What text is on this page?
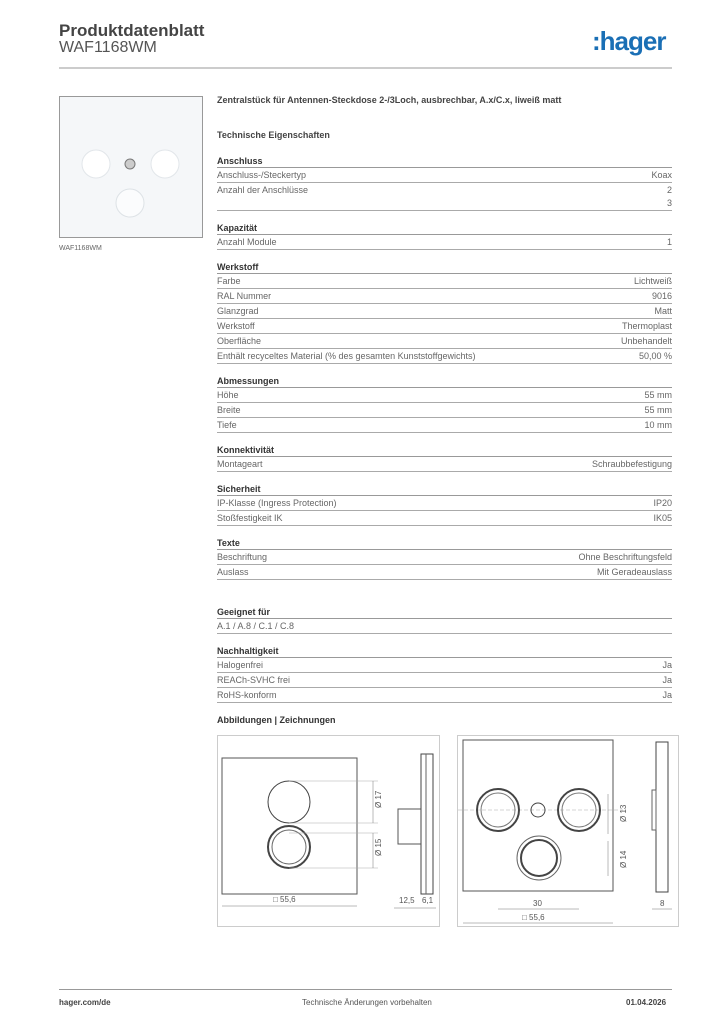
Produktdatenblatt
WAF1168WM	:hager
WAF1168WM
Zentralstück für Antennen-Steckdose 2-/3Loch, ausbrechbar, A.x/C.x, liweiß matt
Technische Eigenschaften
Anschluss
Anschluss-/Steckertyp	Koax
Anzahl der Anschlüsse	2
3
Kapazität
Anzahl Module	1
Werkstoff
Farbe	Lichtweiß
RAL Nummer	9016
Glanzgrad	Matt
Werkstoff	Thermoplast
Oberfläche	Unbehandelt
Enthält recyceltes Material (% des gesamten Kunststoffgewichts)	50,00 %
Abmessungen
Höhe	55 mm
Breite	55 mm
Tiefe	10 mm
Konnektivität
Montageart	Schraubbefestigung
Sicherheit
IP-Klasse (Ingress Protection)	IP20
Stoßfestigkeit IK	IK05
Texte
Beschriftung	Ohne Beschriftungsfeld
Auslass	Mit Geradeauslass
Geeignet für
A.1 / A.8 / C.1 / C.8
Nachhaltigkeit
Halogenfrei	Ja
REACh-SVHC frei	Ja
RoHS-konform	Ja
Abbildungen | Zeichnungen
Ø 17
Ø 15
□ 55,6	12,5 6,1
Ø 13
Ø 14
30
□ 55,6
8
hager.com/de	Technische Änderungen vorbehalten	01.04.2026
